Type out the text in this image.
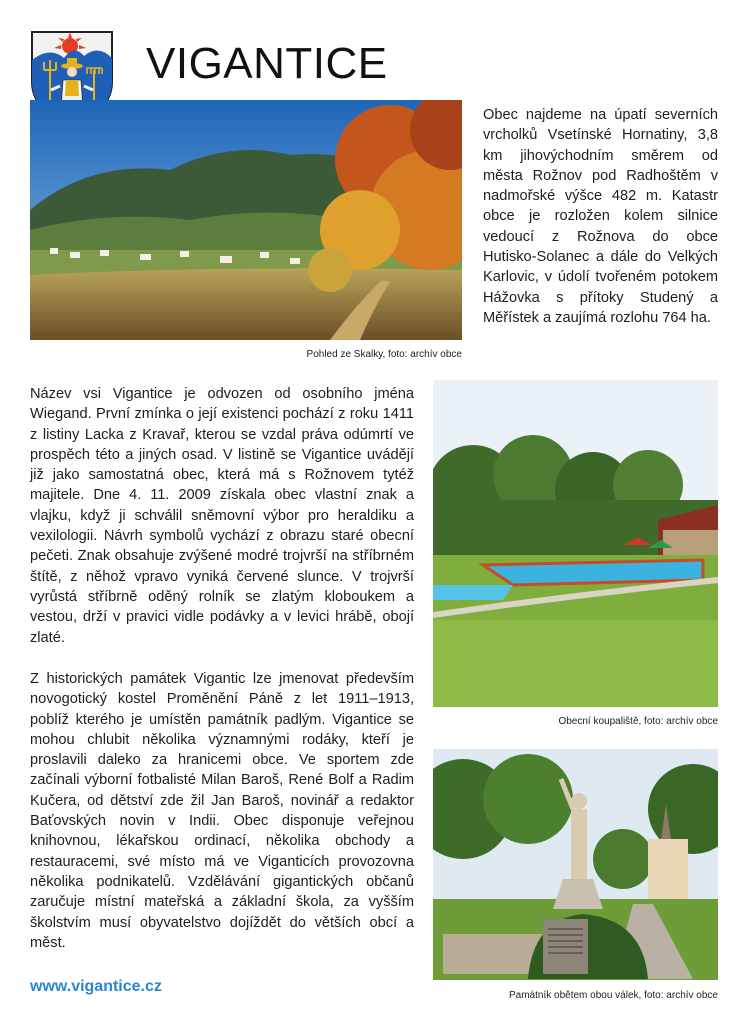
VIGANTICE
Pohled ze Skalky, foto: archív obce

Obec najdeme na úpatí severních vrcholků Vsetínské Hornatiny, 3,8 km jihovýchodním směrem od města Rožnov pod Radhoštěm v nadmořské výšce 482 m. Katastr obce je rozložen kolem silnice vedoucí z Rožnova do obce Hutisko-Solanec a dále do Velkých Karlovic, v údolí tvořeném potokem Hážovka s přítoky Studený a Měřístek a zaujímá rozlohu 764 ha.

Název vsi Vigantice je odvozen od osobního jména Wiegand. První zmínka o její existenci pochází z roku 1411 z listiny Lacka z Kravař, kterou se vzdal práva odúmrtí ve prospěch této a jiných osad. V listině se Vigantice uvádějí již jako samostatná obec, která má s Rožnovem tytéž majitele. Dne 4. 11. 2009 získala obec vlastní znak a vlajku, když ji schválil sněmovní výbor pro heraldiku a vexilologii. Návrh symbolů vychází z obrazu staré obecní pečeti. Znak obsahuje zvýšené modré trojvrší na stříbrném štítě, z něhož vpravo vyniká červené slunce. V trojvrší vyrůstá stříbrně oděný rolník se zlatým kloboukem a vestou, drží v pravici vidle podávky a v levici hrábě, obojí zlaté.

Z historických památek Vigantic lze jmenovat především novogotický kostel Proměnění Páně z let 1911–1913, poblíž kterého je umístěn památník padlým. Vigantice se mohou chlubit několika významnými rodáky, kteří je proslavili daleko za hranicemi obce. Ve sportem zde začínali výborní fotbalisté Milan Baroš, René Bolf a Radim Kučera, od dětství zde žil Jan Baroš, novinář a redaktor Baťovských novin v Indii. Obec disponuje veřejnou knihovnou, lékařskou ordinací, několika obchody a restauracemi, své místo má ve Viganticích provozovna několika podnikatelů. Vzdělávání gigantických občanů zaručuje místní mateřská a základní škola, za vyšším školstvím musí obyvatelstvo dojíždět do větších obcí a měst.

Obecní koupaliště, foto: archív obce
Památník obětem obou válek, foto: archív obce
www.vigantice.cz
